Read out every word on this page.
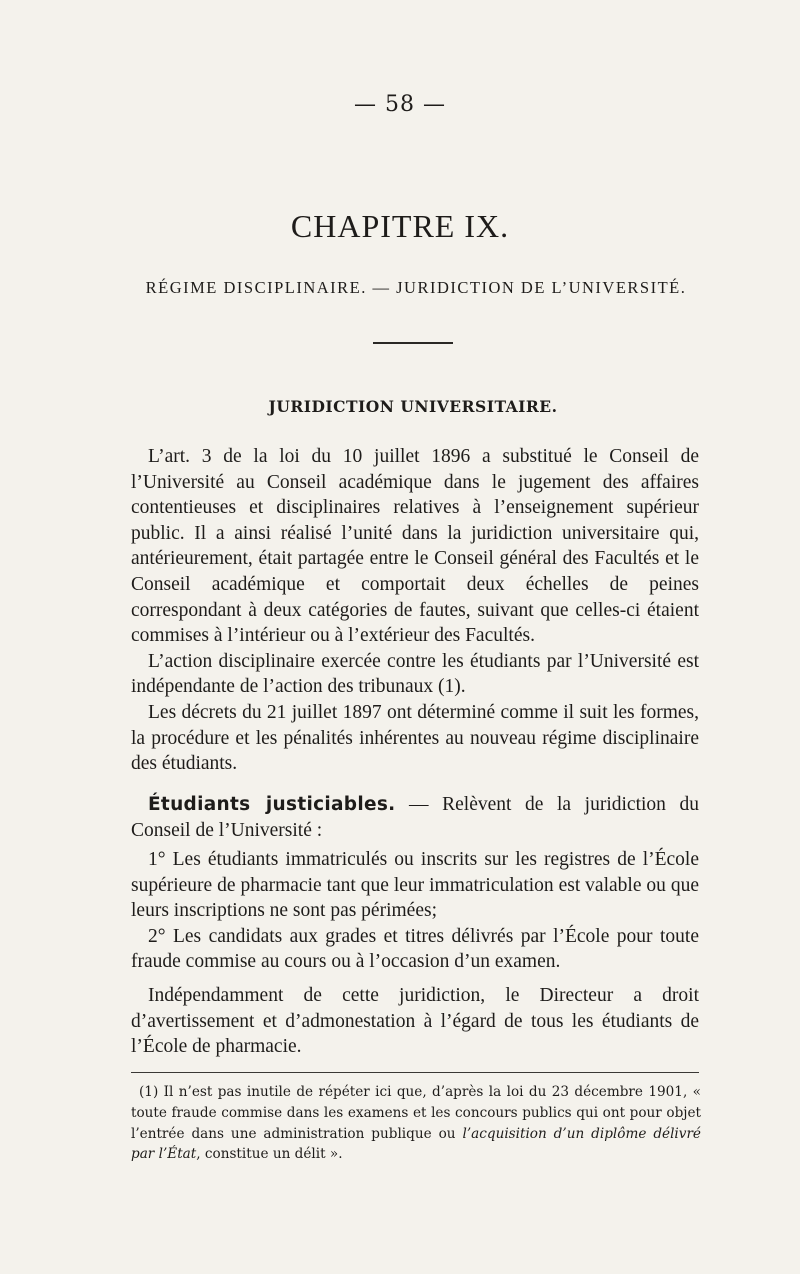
— 58 —
CHAPITRE IX.
RÉGIME DISCIPLINAIRE. — JURIDICTION DE L’UNIVERSITÉ.
JURIDICTION UNIVERSITAIRE.

L’art. 3 de la loi du 10 juillet 1896 a substitué le Conseil de l’Université au Conseil académique dans le jugement des affaires contentieuses et disciplinaires relatives à l’enseignement supérieur public. Il a ainsi réalisé l’unité dans la juridiction universitaire qui, antérieurement, était partagée entre le Conseil général des Facultés et le Conseil académique et comportait deux échelles de peines correspondant à deux catégories de fautes, suivant que celles-ci étaient commises à l’intérieur ou à l’extérieur des Facultés.

L’action disciplinaire exercée contre les étudiants par l’Université est indépendante de l’action des tribunaux (1).

Les décrets du 21 juillet 1897 ont déterminé comme il suit les formes, la procédure et les pénalités inhérentes au nouveau régime disciplinaire des étudiants.

Étudiants justiciables. — Relèvent de la juridiction du Conseil de l’Université :

1° Les étudiants immatriculés ou inscrits sur les registres de l’École supérieure de pharmacie tant que leur immatriculation est valable ou que leurs inscriptions ne sont pas périmées;

2° Les candidats aux grades et titres délivrés par l’École pour toute fraude commise au cours ou à l’occasion d’un examen.

Indépendamment de cette juridiction, le Directeur a droit d’avertissement et d’admonestation à l’égard de tous les étudiants de l’École de pharmacie.

(1) Il n’est pas inutile de répéter ici que, d’après la loi du 23 décembre 1901, « toute fraude commise dans les examens et les concours publics qui ont pour objet l’entrée dans une administration publique ou l’acquisition d’un diplôme délivré par l’État, constitue un délit ».
